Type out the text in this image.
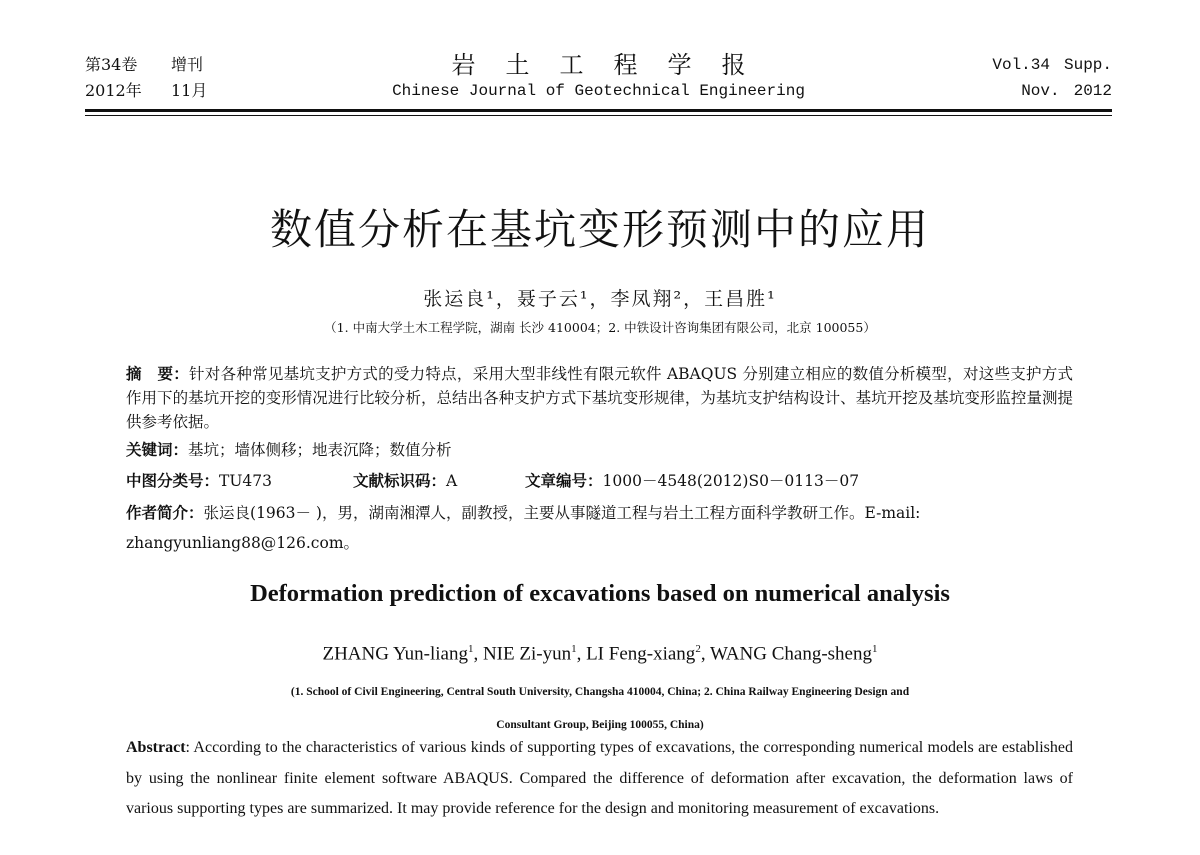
第34卷 增刊
2012年 11月
岩土工程学报
Chinese Journal of Geotechnical Engineering
Vol.34 Supp.
Nov. 2012
数值分析在基坑变形预测中的应用
张运良¹，聂子云¹，李凤翔²，王昌胜¹
（1. 中南大学土木工程学院，湖南 长沙 410004；2. 中铁设计咨询集团有限公司，北京 100055）
摘　要：针对各种常见基坑支护方式的受力特点，采用大型非线性有限元软件 ABAQUS 分别建立相应的数值分析模型，对这些支护方式作用下的基坑开挖的变形情况进行比较分析，总结出各种支护方式下基坑变形规律，为基坑支护结构设计、基坑开挖及基坑变形监控量测提供参考依据。
关键词：基坑；墙体侧移；地表沉降；数值分析
中图分类号：TU473	文献标识码：A	文章编号：1000－4548(2012)S0－0113－07
作者简介：张运良(1963－ )，男，湖南湘潭人，副教授，主要从事隧道工程与岩土工程方面科学教研工作。E-mail: zhangyunliang88@126.com。
Deformation prediction of excavations based on numerical analysis
ZHANG Yun-liang$^1$, NIE Zi-yun$^1$, LI Feng-xiang$^2$, WANG Chang-sheng$^1$
(1. School of Civil Engineering, Central South University, Changsha 410004, China; 2. China Railway Engineering Design and
Consultant Group, Beijing 100055, China)
Abstract: According to the characteristics of various kinds of supporting types of excavations, the corresponding numerical models are established by using the nonlinear finite element software ABAQUS. Compared the difference of deformation after excavation, the deformation laws of various supporting types are summarized. It may provide reference for the design and monitoring measurement of excavations.
